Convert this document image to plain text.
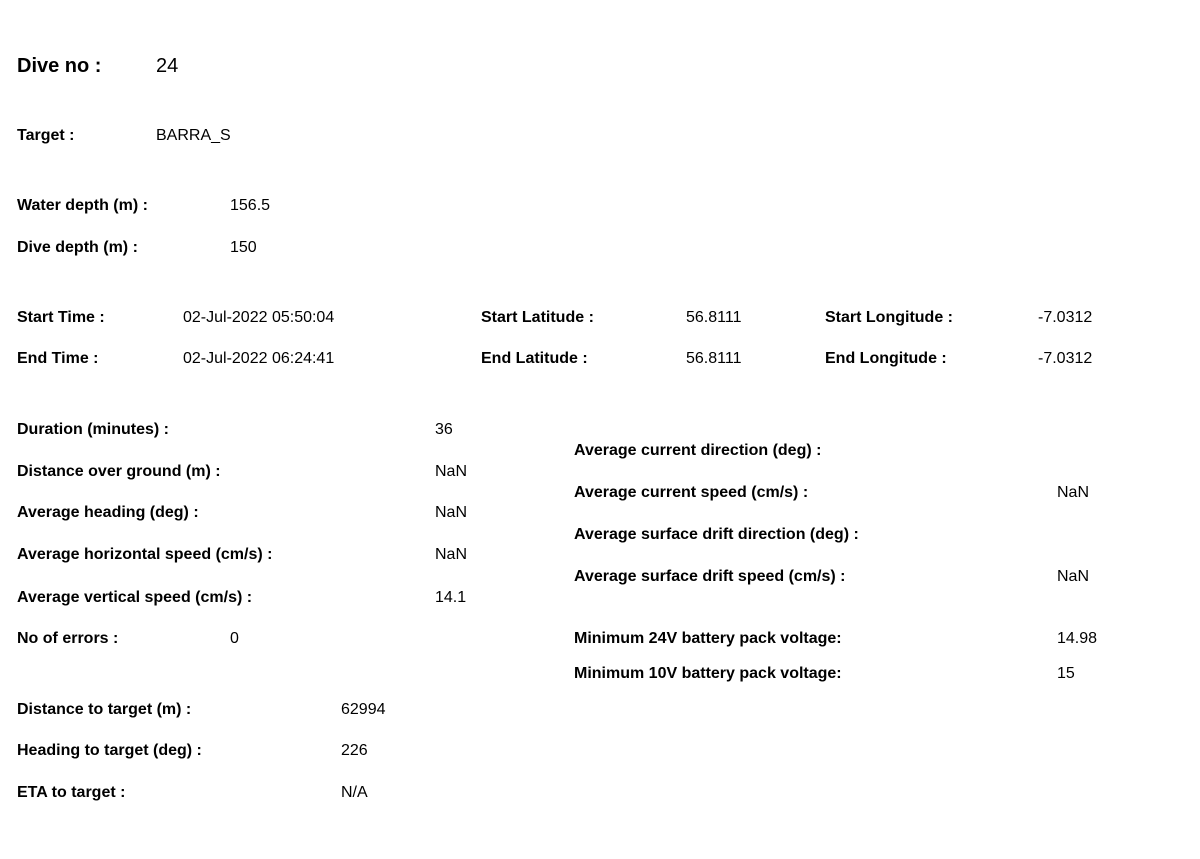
Dive no :	24
Target :	BARRA_S
Water depth (m) :	156.5
Dive depth (m) :	150
Start Time :	02-Jul-2022 05:50:04
End Time :	02-Jul-2022 06:24:41
Start Latitude :	56.8111
End Latitude :	56.8111
Start Longitude :	-7.0312
End Longitude :	-7.0312
Duration (minutes) :	36
Distance over ground (m) :	NaN
Average heading (deg) :	NaN
Average horizontal speed (cm/s) :	NaN
Average vertical speed (cm/s) :	14.1
No of errors :	0
Average current direction (deg) :
Average current speed (cm/s) :	NaN
Average surface drift direction (deg) :
Average surface drift speed (cm/s) :	NaN
Minimum 24V battery pack voltage:	14.98
Minimum 10V battery pack voltage:	15
Distance to target (m) :	62994
Heading to target (deg) :	226
ETA to target :	N/A
